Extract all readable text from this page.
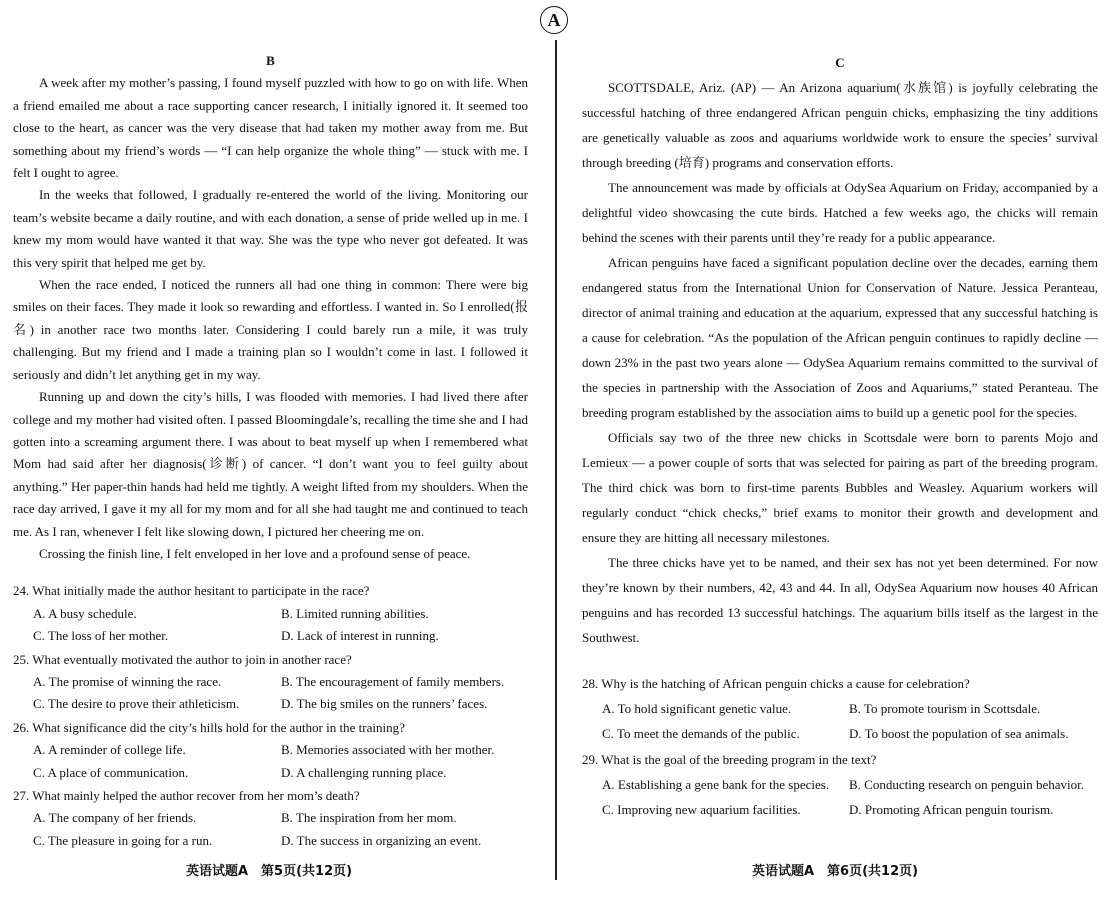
A
B

A week after my mother’s passing, I found myself puzzled with how to go on with life. When a friend emailed me about a race supporting cancer research, I initially ignored it. It seemed too close to the heart, as cancer was the very disease that had taken my mother away from me. But something about my friend’s words — “I can help organize the whole thing” — stuck with me. I felt I ought to agree.

In the weeks that followed, I gradually re-entered the world of the living. Monitoring our team’s website became a daily routine, and with each donation, a sense of pride welled up in me. I knew my mom would have wanted it that way. She was the type who never got defeated. It was this very spirit that helped me get by.

When the race ended, I noticed the runners all had one thing in common: There were big smiles on their faces. They made it look so rewarding and effortless. I wanted in. So I enrolled(报名) in another race two months later. Considering I could barely run a mile, it was truly challenging. But my friend and I made a training plan so I wouldn’t come in last. I followed it seriously and didn’t let anything get in my way.

Running up and down the city’s hills, I was flooded with memories. I had lived there after college and my mother had visited often. I passed Bloomingdale’s, recalling the time she and I had gotten into a screaming argument there. I was about to beat myself up when I remembered what Mom had said after her diagnosis(诊断) of cancer. “I don’t want you to feel guilty about anything.” Her paper-thin hands had held me tightly. A weight lifted from my shoulders. When the race day arrived, I gave it my all for my mom and for all she had taught me and continued to teach me. As I ran, whenever I felt like slowing down, I pictured her cheering me on.

Crossing the finish line, I felt enveloped in her love and a profound sense of peace.

24. What initially made the author hesitant to participate in the race?

A. A busy schedule.	B. Limited running abilities.
C. The loss of her mother.	D. Lack of interest in running.

25. What eventually motivated the author to join in another race?

A. The promise of winning the race.	B. The encouragement of family members.
C. The desire to prove their athleticism.	D. The big smiles on the runners’ faces.

26. What significance did the city’s hills hold for the author in the training?

A. A reminder of college life.	B. Memories associated with her mother.
C. A place of communication.	D. A challenging running place.

27. What mainly helped the author recover from her mom’s death?

A. The company of her friends.	B. The inspiration from her mom.
C. The pleasure in going for a run.	D. The success in organizing an event.
C

SCOTTSDALE, Ariz. (AP) — An Arizona aquarium(水族馆) is joyfully celebrating the successful hatching of three endangered African penguin chicks, emphasizing the tiny additions are genetically valuable as zoos and aquariums worldwide work to ensure the species’ survival through breeding (培育) programs and conservation efforts.

The announcement was made by officials at OdySea Aquarium on Friday, accompanied by a delightful video showcasing the cute birds. Hatched a few weeks ago, the chicks will remain behind the scenes with their parents until they’re ready for a public appearance.

African penguins have faced a significant population decline over the decades, earning them endangered status from the International Union for Conservation of Nature. Jessica Peranteau, director of animal training and education at the aquarium, expressed that any successful hatching is a cause for celebration. “As the population of the African penguin continues to rapidly decline — down 23% in the past two years alone — OdySea Aquarium remains committed to the survival of the species in partnership with the Association of Zoos and Aquariums,” stated Peranteau. The breeding program established by the association aims to build up a genetic pool for the species.

Officials say two of the three new chicks in Scottsdale were born to parents Mojo and Lemieux — a power couple of sorts that was selected for pairing as part of the breeding program. The third chick was born to first-time parents Bubbles and Weasley. Aquarium workers will regularly conduct “chick checks,” brief exams to monitor their growth and development and ensure they are hitting all necessary milestones.

The three chicks have yet to be named, and their sex has not yet been determined. For now they’re known by their numbers, 42, 43 and 44. In all, OdySea Aquarium now houses 40 African penguins and has recorded 13 successful hatchings. The aquarium bills itself as the largest in the Southwest.

28. Why is the hatching of African penguin chicks a cause for celebration?

A. To hold significant genetic value.	B. To promote tourism in Scottsdale.
C. To meet the demands of the public.	D. To boost the population of sea animals.

29. What is the goal of the breeding program in the text?

A. Establishing a gene bank for the species.	B. Conducting research on penguin behavior.
C. Improving new aquarium facilities.	D. Promoting African penguin tourism.
英语试题A　第5页(共12页)	英语试题A　第6页(共12页)
